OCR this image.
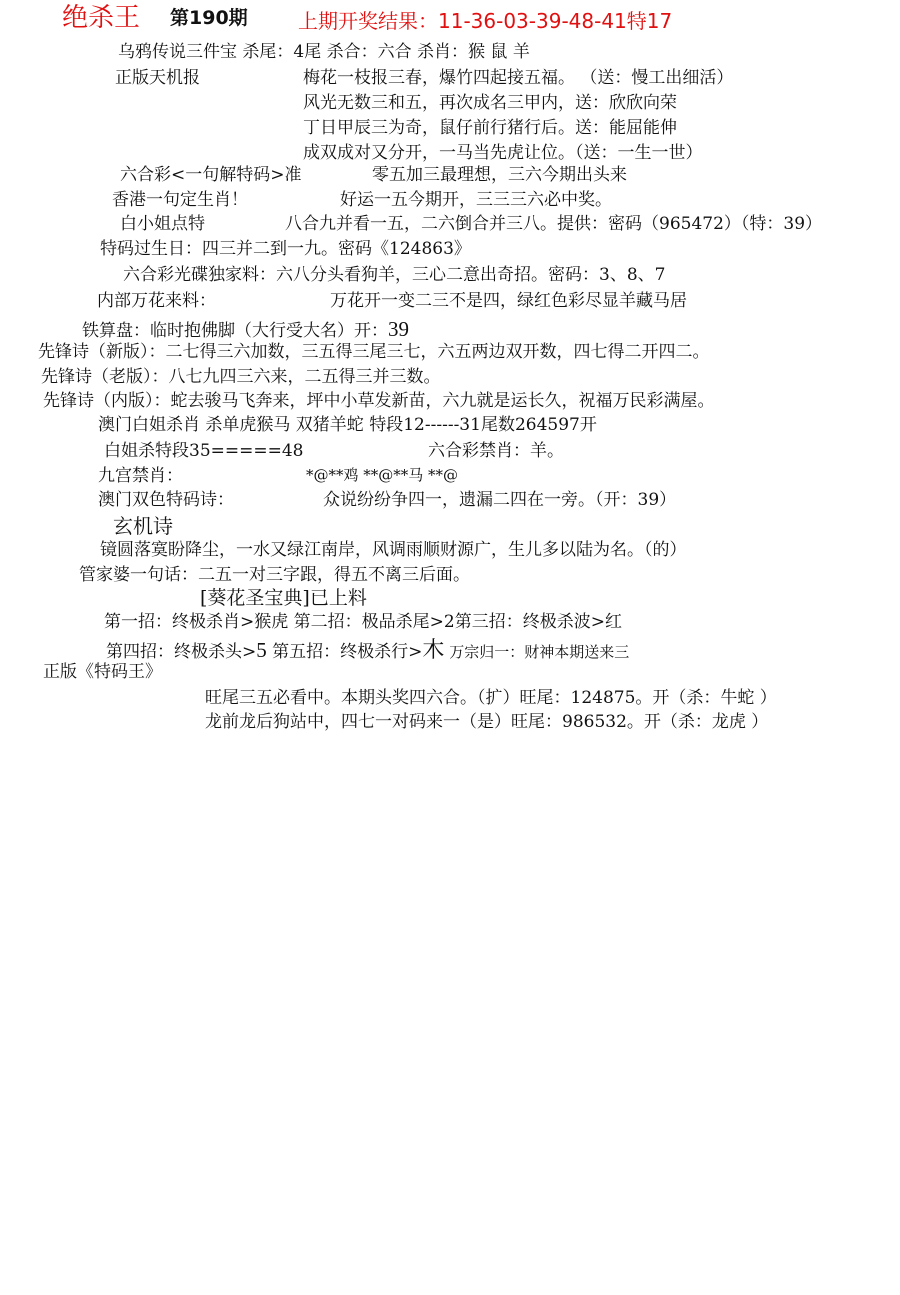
绝杀王 第190期	上期开奖结果：11-36-03-39-48-41特17
乌鸦传说三件宝 杀尾：4尾 杀合：六合 杀肖：猴 鼠 羊
正版天机报	梅花一枝报三春，爆竹四起接五福。 （送：慢工出细活）
风光无数三和五，再次成名三甲内，送：欣欣向荣
丁日甲辰三为奇，鼠仔前行猪行后。送：能屈能伸
成双成对又分开，一马当先虎让位。（送：一生一世）
六合彩<一句解特码>准	零五加三最理想，三六今期出头来
香港一句定生肖！	好运一五今期开，三三三六必中奖。
白小姐点特	八合九并看一五，二六倒合并三八。提供：密码（965472）（特：39）
特码过生日：四三并二到一九。密码《124863》
六合彩光碟独家料：六八分头看狗羊，三心二意出奇招。密码：3、8、7
内部万花来料：	万花开一变二三不是四，绿红色彩尽显羊藏马居
铁算盘：临时抱佛脚（大行受大名）开：39
先锋诗（新版）：二七得三六加数，三五得三尾三七，六五两边双开数，四七得二开四二。
先锋诗（老版）：八七九四三六来，二五得三并三数。
先锋诗（内版）：蛇去骏马飞奔来，坪中小草发新苗，六九就是运长久，祝福万民彩满屋。
澳门白姐杀肖 杀单虎猴马 双猪羊蛇 特段12------31尾数264597开
白姐杀特段35=====48	六合彩禁肖：羊。
九宫禁肖：	*@**鸡 **@**马 **@
澳门双色特码诗：	众说纷纷争四一，遗漏二四在一旁。（开：39）
玄机诗
镜圆落寞盼降尘，一水又绿江南岸，风调雨顺财源广，生儿多以陆为名。（的）
管家婆一句话：二五一对三字跟，得五不离三后面。
[葵花圣宝典]已上料
第一招：终极杀肖>猴虎 第二招：极品杀尾>2第三招：终极杀波>红
第四招：终极杀头>5 第五招：终极杀行>木 万宗归一：财神本期送来三
正版《特码王》
旺尾三五必看中。本期头奖四六合。（扩）旺尾：124875。开（杀：牛蛇 ）
龙前龙后狗站中，四七一对码来一（是）旺尾：986532。开（杀：龙虎 ）
